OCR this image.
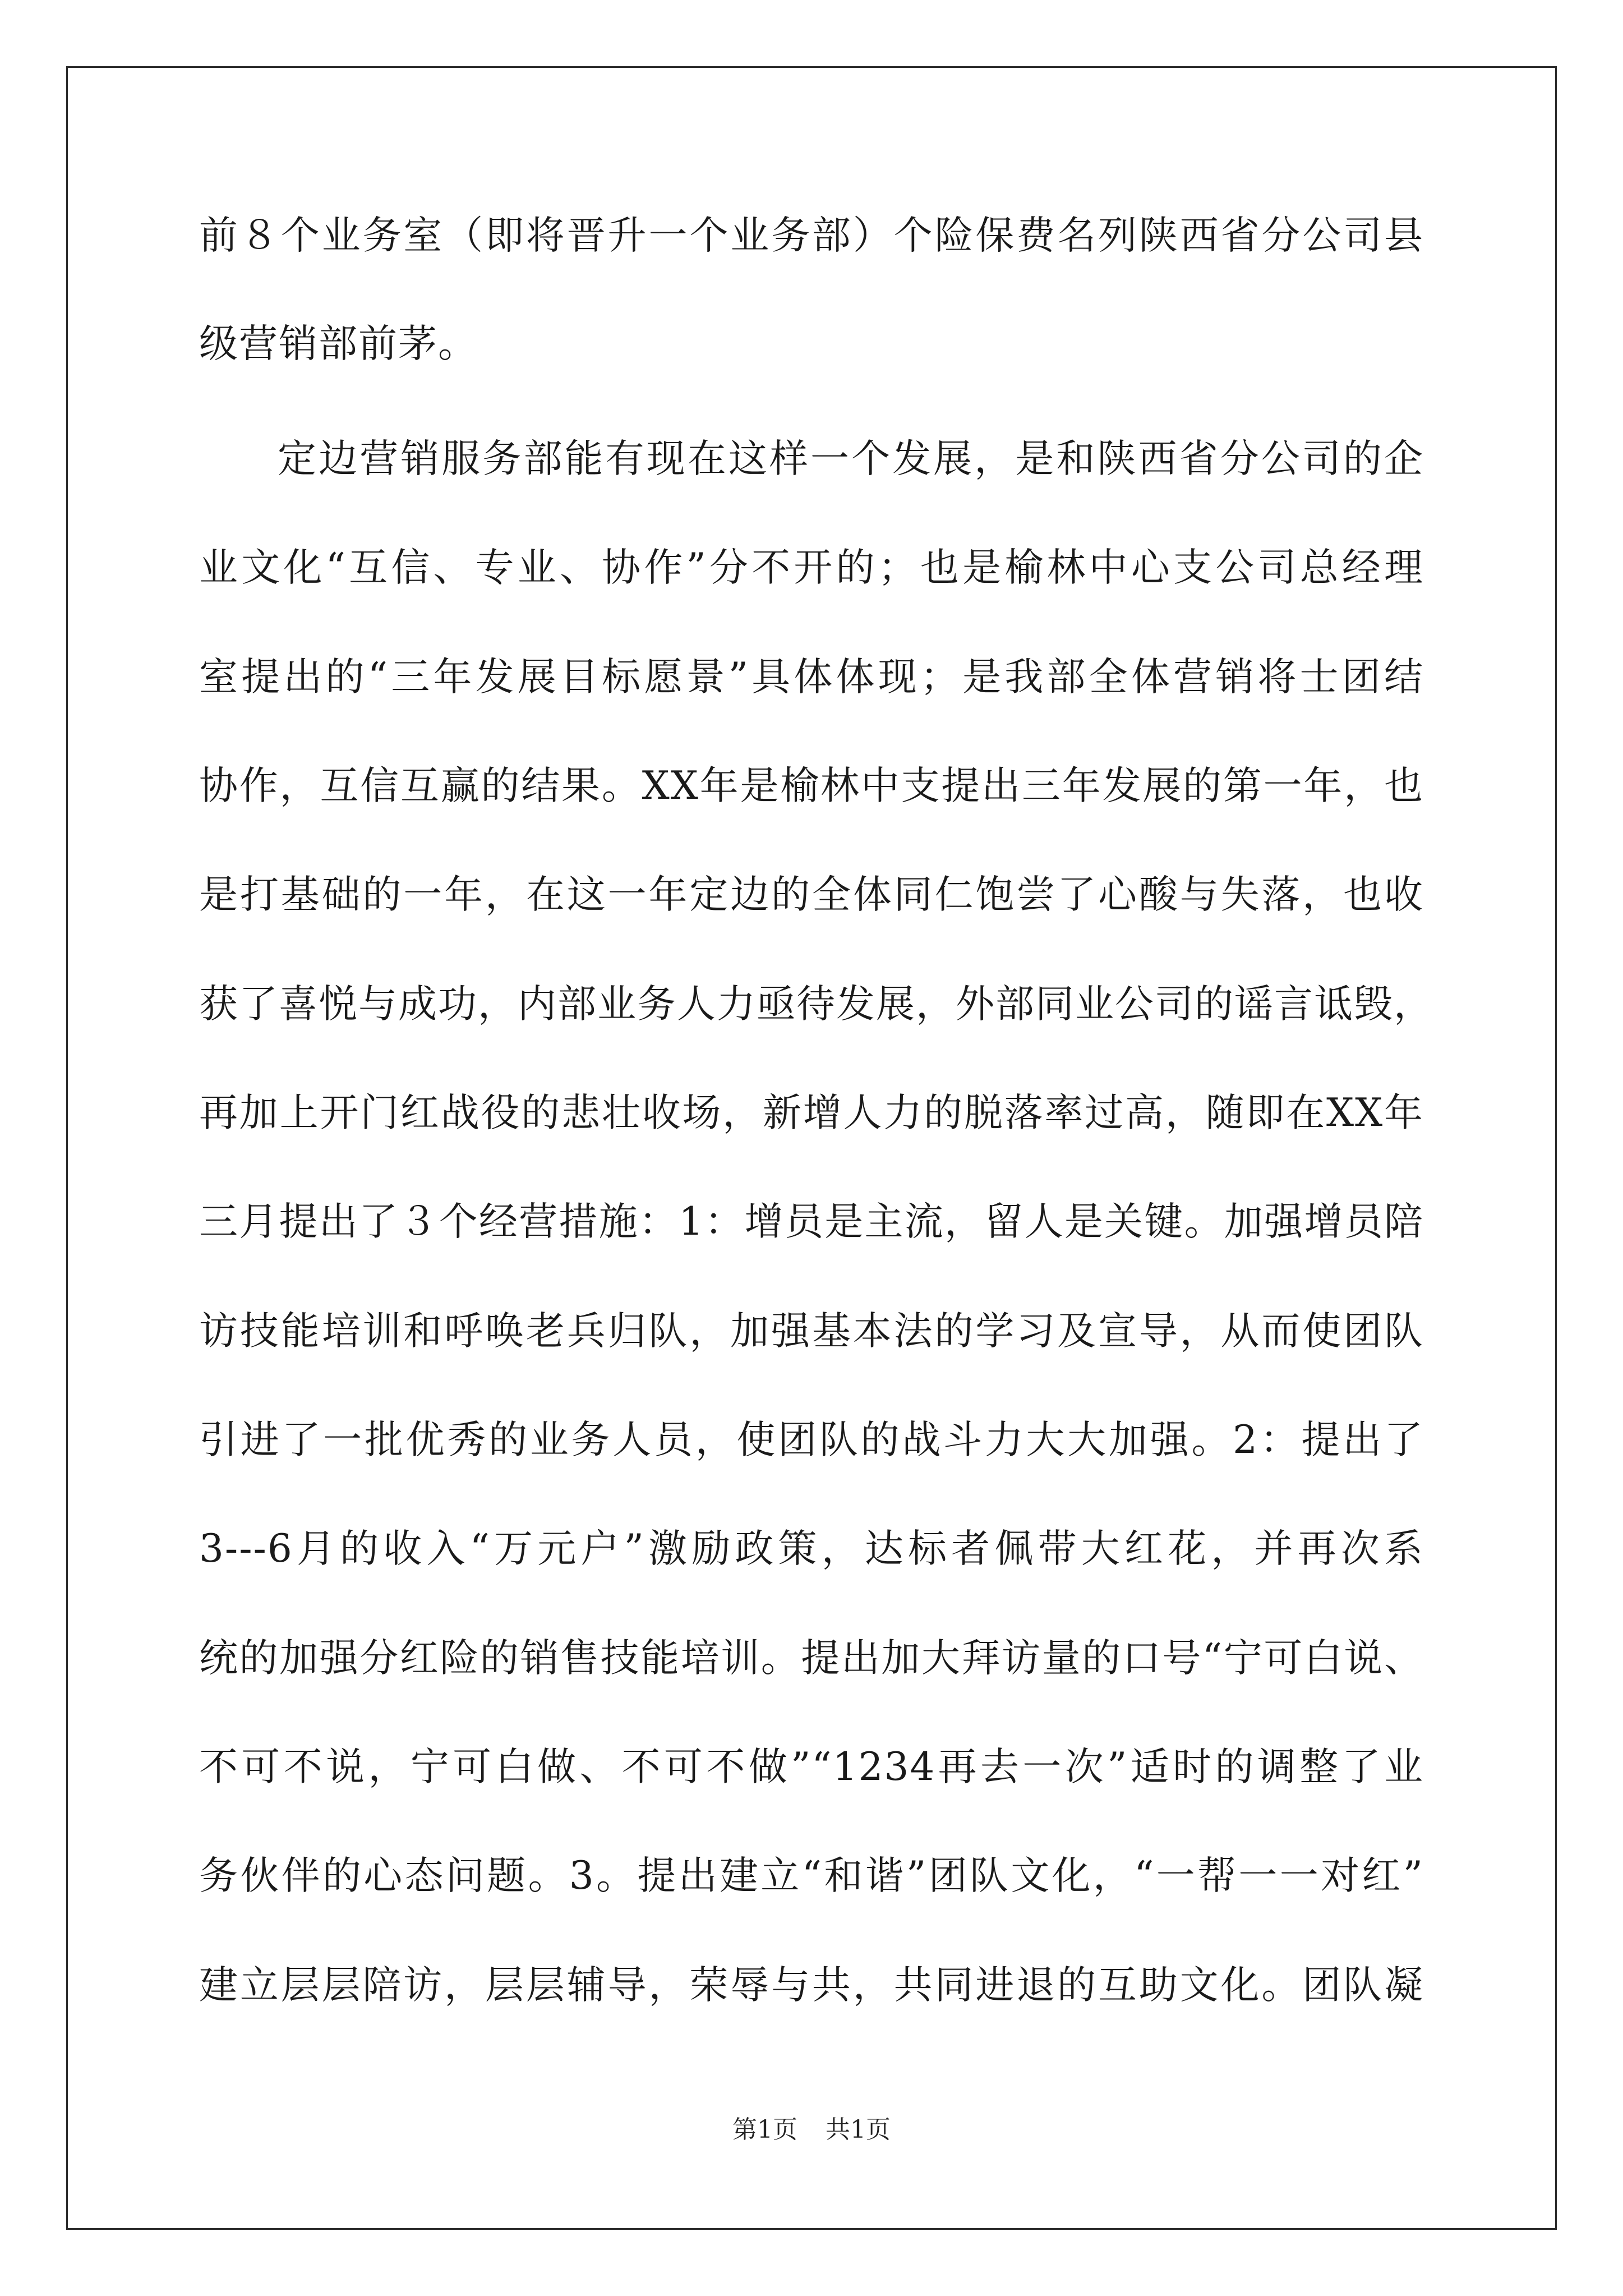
前８个业务室（即将晋升一个业务部）个险保费名列陕西省分公司县
级营销部前茅。
定边营销服务部能有现在这样一个发展，是和陕西省分公司的企
业文化“互信、专业、协作”分不开的；也是榆林中心支公司总经理
室提出的“三年发展目标愿景”具体体现；是我部全体营销将士团结
协作，互信互赢的结果。XX年是榆林中支提出三年发展的第一年，也
是打基础的一年，在这一年定边的全体同仁饱尝了心酸与失落，也收
获了喜悦与成功，内部业务人力亟待发展，外部同业公司的谣言诋毁，
再加上开门红战役的悲壮收场，新增人力的脱落率过高，随即在XX年
三月提出了３个经营措施：1：增员是主流，留人是关键。加强增员陪
访技能培训和呼唤老兵归队，加强基本法的学习及宣导，从而使团队
引进了一批优秀的业务人员，使团队的战斗力大大加强。2：提出了
3---6月的收入“万元户”激励政策，达标者佩带大红花，并再次系
统的加强分红险的销售技能培训。提出加大拜访量的口号“宁可白说、
不可不说，宁可白做、不可不做”“1234再去一次”适时的调整了业
务伙伴的心态问题。3。提出建立“和谐”团队文化，“一帮一一对红”
建立层层陪访，层层辅导，荣辱与共，共同进退的互助文化。团队凝
第1页 共1页
